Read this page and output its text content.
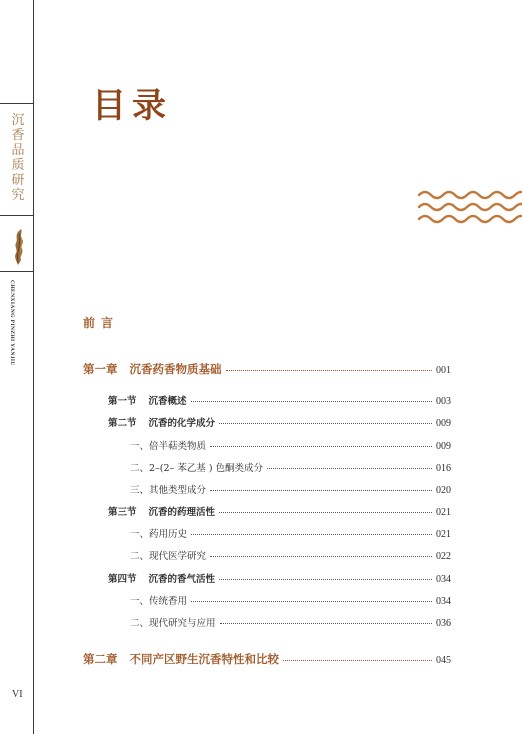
沉
香
品
质
研
究
CHENXIANG PINZHI YANJIU
VI
目录
前言
第一章 沉香药香物质基础	001
第一节 沉香概述	003
第二节 沉香的化学成分	009
一、倍半萜类物质	009
二、2–(2– 苯乙基 ) 色酮类成分	016
三、其他类型成分	020
第三节 沉香的药理活性	021
一、药用历史	021
二、现代医学研究	022
第四节 沉香的香气活性	034
一、传统香用	034
二、现代研究与应用	036
第二章 不同产区野生沉香特性和比较	045
